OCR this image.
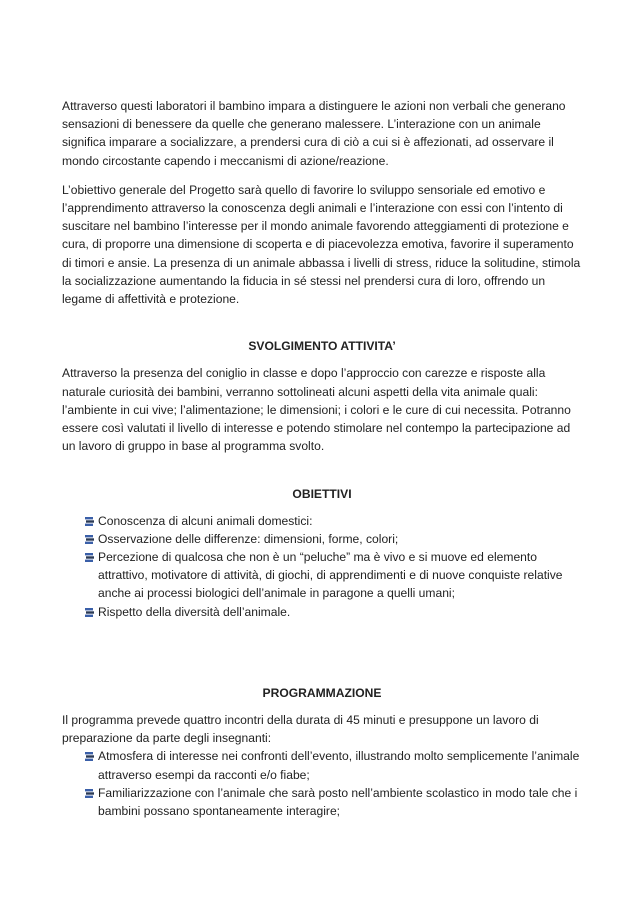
Attraverso questi laboratori il bambino impara a distinguere le azioni non verbali che generano sensazioni di benessere da quelle che generano malessere. L’interazione con un animale significa imparare a socializzare, a prendersi cura di ciò a cui si è affezionati, ad osservare il mondo circostante capendo i meccanismi di azione/reazione.

L’obiettivo generale del Progetto sarà quello di favorire lo sviluppo sensoriale ed emotivo e l’apprendimento attraverso la conoscenza degli animali e l’interazione con essi con l’intento di suscitare nel bambino l’interesse per il mondo animale favorendo atteggiamenti di protezione e cura, di proporre una dimensione di scoperta e di piacevolezza emotiva, favorire il superamento di timori e ansie. La presenza di un animale abbassa i livelli di stress, riduce la solitudine, stimola la socializzazione aumentando la fiducia in sé stessi nel prendersi cura di loro, offrendo un legame di affettività e protezione.

SVOLGIMENTO ATTIVITA’

Attraverso la presenza del coniglio in classe e dopo l’approccio con carezze e risposte alla naturale curiosità dei bambini, verranno sottolineati alcuni aspetti della vita animale quali: l’ambiente in cui vive; l’alimentazione; le dimensioni; i colori e le cure di cui necessita. Potranno essere così valutati il livello di interesse e potendo stimolare nel contempo la partecipazione ad un lavoro di gruppo in base al programma svolto.

OBIETTIVI

Conoscenza di alcuni animali domestici:
Osservazione delle differenze: dimensioni, forme, colori;
Percezione di qualcosa che non è un “peluche” ma è vivo e si muove ed elemento attrattivo, motivatore di attività, di giochi, di apprendimenti e di nuove conquiste relative anche ai processi biologici dell’animale in paragone a quelli umani;
Rispetto della diversità dell’animale.

PROGRAMMAZIONE

Il programma prevede quattro incontri della durata di 45 minuti e presuppone un lavoro di preparazione da parte degli insegnanti:

Atmosfera di interesse nei confronti dell’evento, illustrando molto semplicemente l’animale attraverso esempi da racconti e/o fiabe;
Familiarizzazione con l’animale che sarà posto nell’ambiente scolastico in modo tale che i bambini possano spontaneamente interagire;
